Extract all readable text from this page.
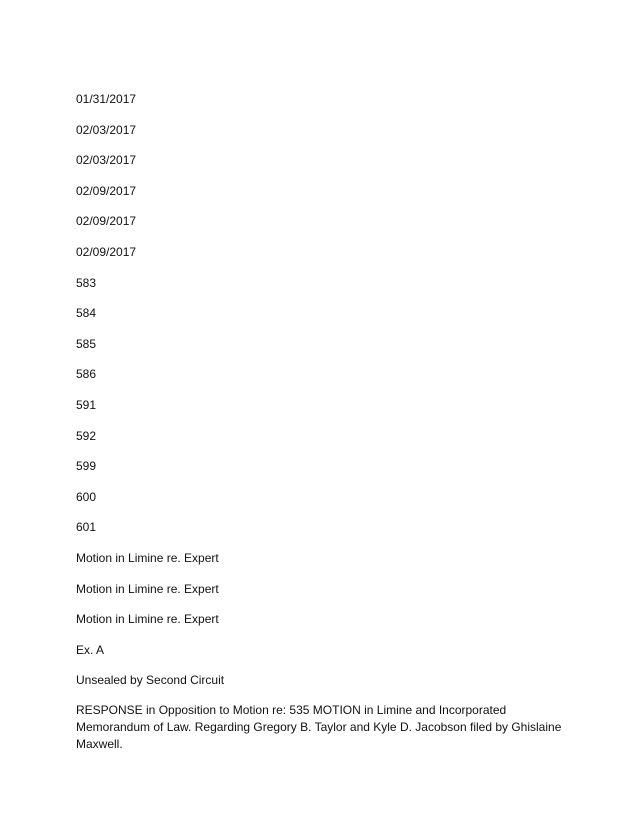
01/31/2017
02/03/2017
02/03/2017
02/09/2017
02/09/2017
02/09/2017
583
584
585
586
591
592
599
600
601
Motion in Limine re. Expert
Motion in Limine re. Expert
Motion in Limine re. Expert
Ex. A
Unsealed by Second Circuit

RESPONSE in Opposition to Motion re: 535 MOTION in Limine and Incorporated Memorandum of Law. Regarding Gregory B. Taylor and Kyle D. Jacobson filed by Ghislaine Maxwell.
